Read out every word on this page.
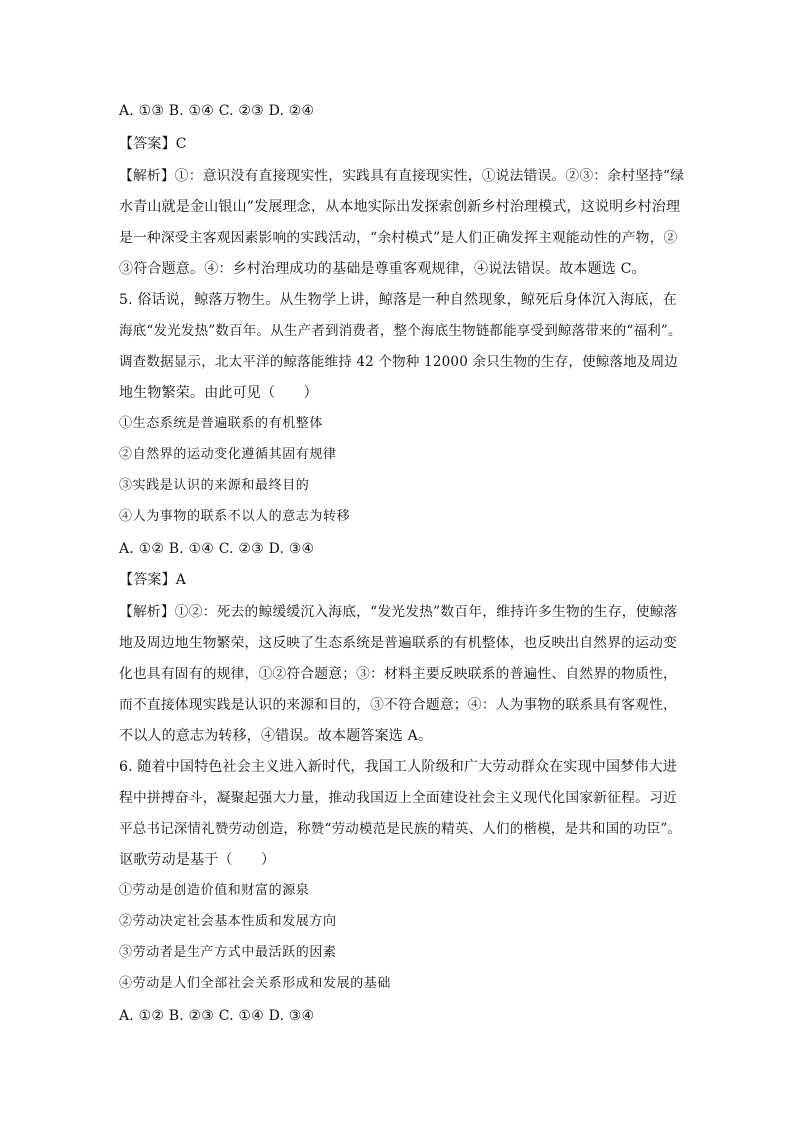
A. ①③ B. ①④ C. ②③ D. ②④
【答案】C
【解析】①：意识没有直接现实性，实践具有直接现实性，①说法错误。②③：余村坚持“绿
水青山就是金山银山”发展理念，从本地实际出发探索创新乡村治理模式，这说明乡村治理
是一种深受主客观因素影响的实践活动，“余村模式”是人们正确发挥主观能动性的产物，②
③符合题意。④：乡村治理成功的基础是尊重客观规律，④说法错误。故本题选 C。
5. 俗话说，鲸落万物生。从生物学上讲，鲸落是一种自然现象，鲸死后身体沉入海底，在
海底“发光发热”数百年。从生产者到消费者，整个海底生物链都能享受到鲸落带来的“福利”。
调查数据显示，北太平洋的鲸落能维持 42 个物种 12000 余只生物的生存，使鲸落地及周边
地生物繁荣。由此可见（　　）
①生态系统是普遍联系的有机整体
②自然界的运动变化遵循其固有规律
③实践是认识的来源和最终目的
④人为事物的联系不以人的意志为转移
A. ①② B. ①④ C. ②③ D. ③④
【答案】A
【解析】①②：死去的鲸缓缓沉入海底，“发光发热”数百年，维持许多生物的生存，使鲸落
地及周边地生物繁荣，这反映了生态系统是普遍联系的有机整体，也反映出自然界的运动变
化也具有固有的规律，①②符合题意；③：材料主要反映联系的普遍性、自然界的物质性，
而不直接体现实践是认识的来源和目的，③不符合题意；④：人为事物的联系具有客观性，
不以人的意志为转移，④错误。故本题答案选 A。
6. 随着中国特色社会主义进入新时代，我国工人阶级和广大劳动群众在实现中国梦伟大进
程中拼搏奋斗，凝聚起强大力量，推动我国迈上全面建设社会主义现代化国家新征程。习近
平总书记深情礼赞劳动创造，称赞“劳动模范是民族的精英、人们的楷模，是共和国的功臣”。
讴歌劳动是基于（　　）
①劳动是创造价值和财富的源泉
②劳动决定社会基本性质和发展方向
③劳动者是生产方式中最活跃的因素
④劳动是人们全部社会关系形成和发展的基础
A. ①② B. ②③ C. ①④ D. ③④
